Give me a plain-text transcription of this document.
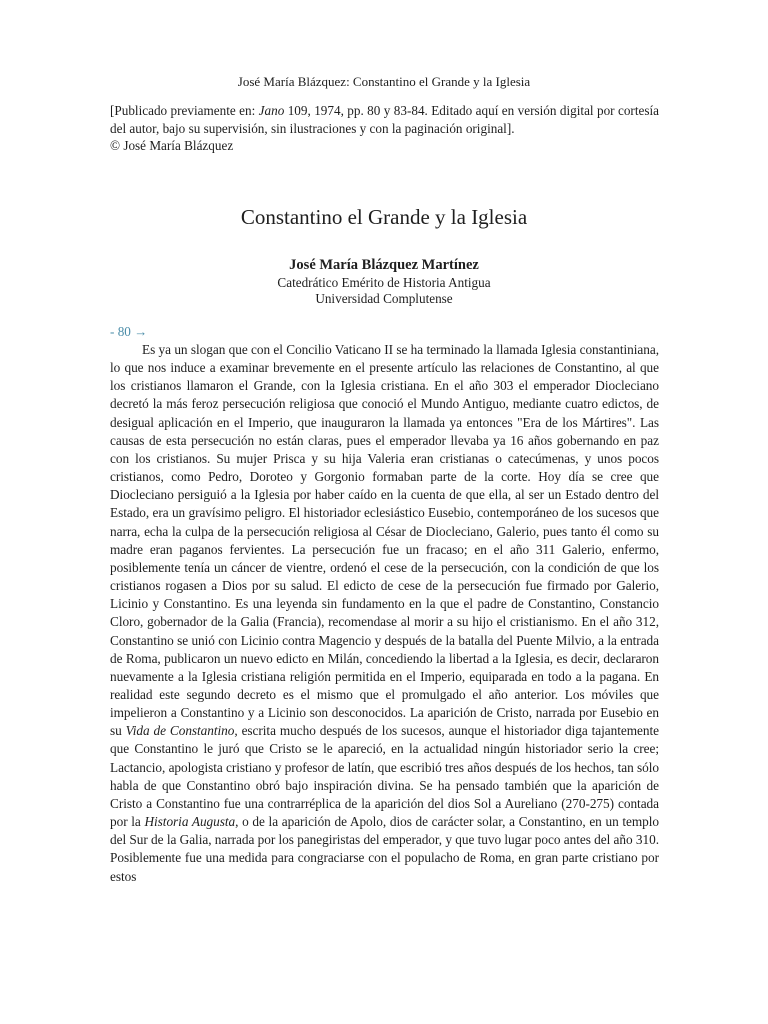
José María Blázquez: Constantino el Grande y la Iglesia

[Publicado previamente en: Jano 109, 1974, pp. 80 y 83-84. Editado aquí en versión digital por cortesía del autor, bajo su supervisión, sin ilustraciones y con la paginación original].

© José María Blázquez

Constantino el Grande y la Iglesia
José María Blázquez Martínez
Catedrático Emérito de Historia Antigua
Universidad Complutense
- 80 →

Es ya un slogan que con el Concilio Vaticano II se ha terminado la llamada Iglesia constantiniana, lo que nos induce a examinar brevemente en el presente artículo las relaciones de Constantino, al que los cristianos llamaron el Grande, con la Iglesia cristiana. En el año 303 el emperador Diocleciano decretó la más feroz persecución religiosa que conoció el Mundo Antiguo, mediante cuatro edictos, de desigual aplicación en el Imperio, que inauguraron la llamada ya entonces "Era de los Mártires". Las causas de esta persecución no están claras, pues el emperador llevaba ya 16 años gobernando en paz con los cristianos. Su mujer Prisca y su hija Valeria eran cristianas o catecúmenas, y unos pocos cristianos, como Pedro, Doroteo y Gorgonio formaban parte de la corte. Hoy día se cree que Diocleciano persiguió a la Iglesia por haber caído en la cuenta de que ella, al ser un Estado dentro del Estado, era un gravísimo peligro. El historiador eclesiástico Eusebio, contemporáneo de los sucesos que narra, echa la culpa de la persecución religiosa al César de Diocleciano, Galerio, pues tanto él como su madre eran paganos fervientes. La persecución fue un fracaso; en el año 311 Galerio, enfermo, posiblemente tenía un cáncer de vientre, ordenó el cese de la persecución, con la condición de que los cristianos rogasen a Dios por su salud. El edicto de cese de la persecución fue firmado por Galerio, Licinio y Constantino. Es una leyenda sin fundamento en la que el padre de Constantino, Constancio Cloro, gobernador de la Galia (Francia), recomendase al morir a su hijo el cristianismo. En el año 312, Constantino se unió con Licinio contra Magencio y después de la batalla del Puente Milvio, a la entrada de Roma, publicaron un nuevo edicto en Milán, concediendo la libertad a la Iglesia, es decir, declararon nuevamente a la Iglesia cristiana religión permitida en el Imperio, equiparada en todo a la pagana. En realidad este segundo decreto es el mismo que el promulgado el año anterior. Los móviles que impelieron a Constantino y a Licinio son desconocidos. La aparición de Cristo, narrada por Eusebio en su Vida de Constantino, escrita mucho después de los sucesos, aunque el historiador diga tajantemente que Constantino le juró que Cristo se le apareció, en la actualidad ningún historiador serio la cree; Lactancio, apologista cristiano y profesor de latín, que escribió tres años después de los hechos, tan sólo habla de que Constantino obró bajo inspiración divina. Se ha pensado también que la aparición de Cristo a Constantino fue una contrarréplica de la aparición del dios Sol a Aureliano (270-275) contada por la Historia Augusta, o de la aparición de Apolo, dios de carácter solar, a Constantino, en un templo del Sur de la Galia, narrada por los panegiristas del emperador, y que tuvo lugar poco antes del año 310. Posiblemente fue una medida para congraciarse con el populacho de Roma, en gran parte cristiano por estos
